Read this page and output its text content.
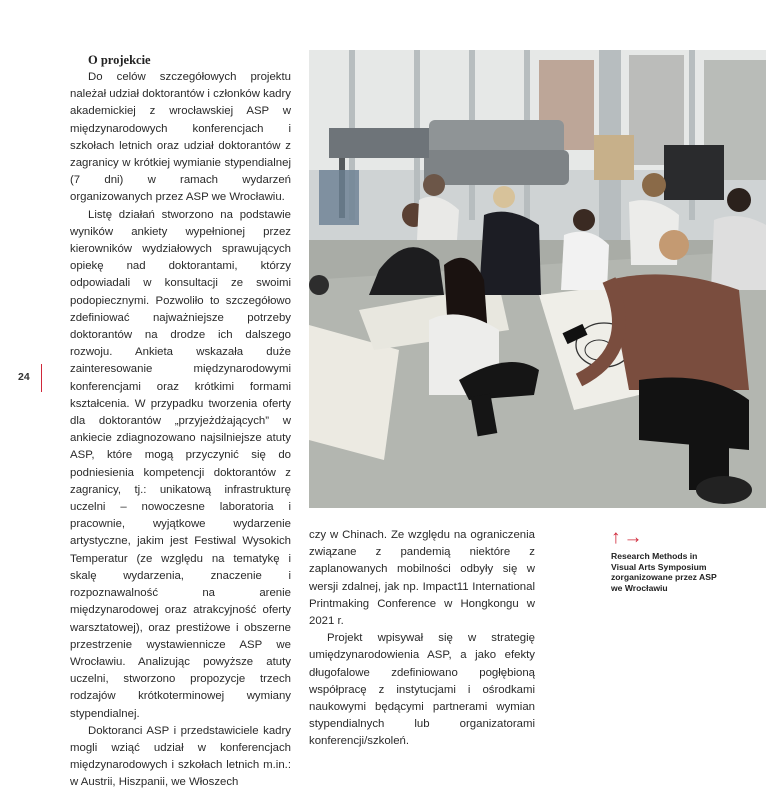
24

O projekcie

Do celów szczegółowych projektu należał udział doktorantów i członków kadry akademickiej z wrocławskiej ASP w międzynarodowych konferencjach i szkołach letnich oraz udział doktorantów z zagranicy w krótkiej wymianie stypendialnej (7 dni) w ramach wydarzeń organizowanych przez ASP we Wrocławiu.

Listę działań stworzono na podstawie wyników ankiety wypełnionej przez kierowników wydziałowych sprawujących opiekę nad doktorantami, którzy odpowiadali w konsultacji ze swoimi podopiecznymi. Pozwoliło to szczegółowo zdefiniować najważniejsze potrzeby doktorantów na drodze ich dalszego rozwoju. Ankieta wskazała duże zainteresowanie międzynarodowymi konferencjami oraz krótkimi formami kształcenia. W przypadku tworzenia oferty dla doktorantów „przyjeżdżających” w ankiecie zdiagnozowano najsilniejsze atuty ASP, które mogą przyczynić się do podniesienia kompetencji doktorantów z zagranicy, tj.: unikatową infrastrukturę uczelni – nowoczesne laboratoria i pracownie, wyjątkowe wydarzenie artystyczne, jakim jest Festiwal Wysokich Temperatur (ze względu na tematykę i skalę wydarzenia, znaczenie i rozpoznawalność na arenie międzynarodowej oraz atrakcyjność oferty warsztatowej), oraz prestiżowe i obszerne przestrzenie wystawiennicze ASP we Wrocławiu. Analizując powyższe atuty uczelni, stworzono propozycje trzech rodzajów krótkoterminowej wymiany stypendialnej.

Doktoranci ASP i przedstawiciele kadry mogli wziąć udział w konferencjach międzynarodowych i szkołach letnich m.in.: w Austrii, Hiszpanii, we Włoszech

czy w Chinach. Ze względu na ograniczenia związane z pandemią niektóre z zaplanowanych mobilności odbyły się w wersji zdalnej, jak np. Impact11 International Printmaking Conference w Hongkongu w 2021 r.

Projekt wpisywał się w strategię umiędzynarodowienia ASP, a jako efekty długofalowe zdefiniowano pogłębioną współpracę z instytucjami i ośrodkami naukowymi będącymi partnerami wymian stypendialnych lub organizatorami konferencji/szkoleń.

↑→
Research Methods in Visual Arts Symposium zorganizowane przez ASP we Wrocławiu
